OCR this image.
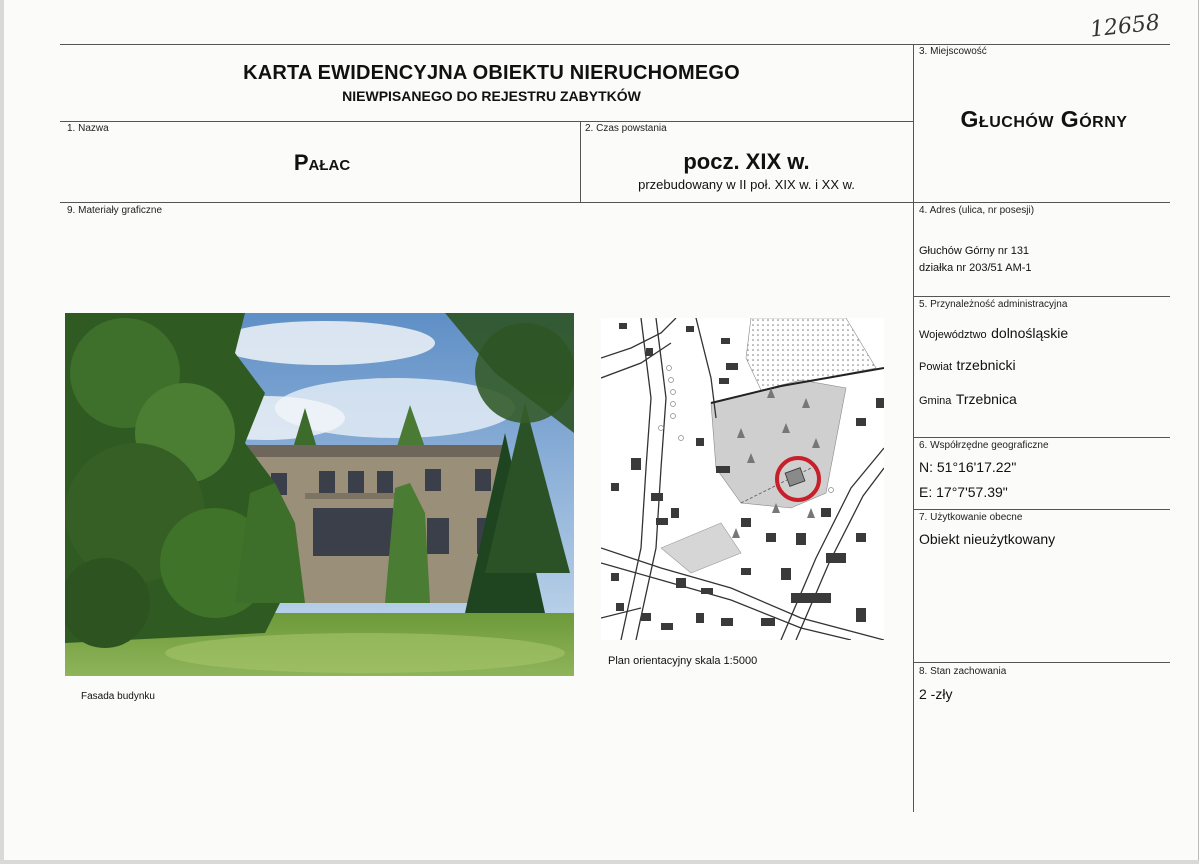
12658
KARTA EWIDENCYJNA OBIEKTU NIERUCHOMEGO
NIEWPISANEGO DO REJESTRU ZABYTKÓW
1. Nazwa
Pałac
2. Czas powstania
pocz. XIX w.
przebudowany w II poł. XIX w. i XX w.
3. Miejscowość
Głuchów Górny
9. Materiały graficzne	4. Adres (ulica, nr posesji)
Głuchów Górny nr 131
działka nr 203/51 AM-1
5. Przynależność administracyjna
Województwo dolnośląskie
Powiat trzebnicki
Gmina Trzebnica
6. Współrzędne geograficzne
N: 51°16'17.22"
E: 17°7'57.39"
7. Użytkowanie obecne
Obiekt nieużytkowany
8. Stan zachowania
2 -zły
Fasada budynku
Plan orientacyjny skala 1:5000
